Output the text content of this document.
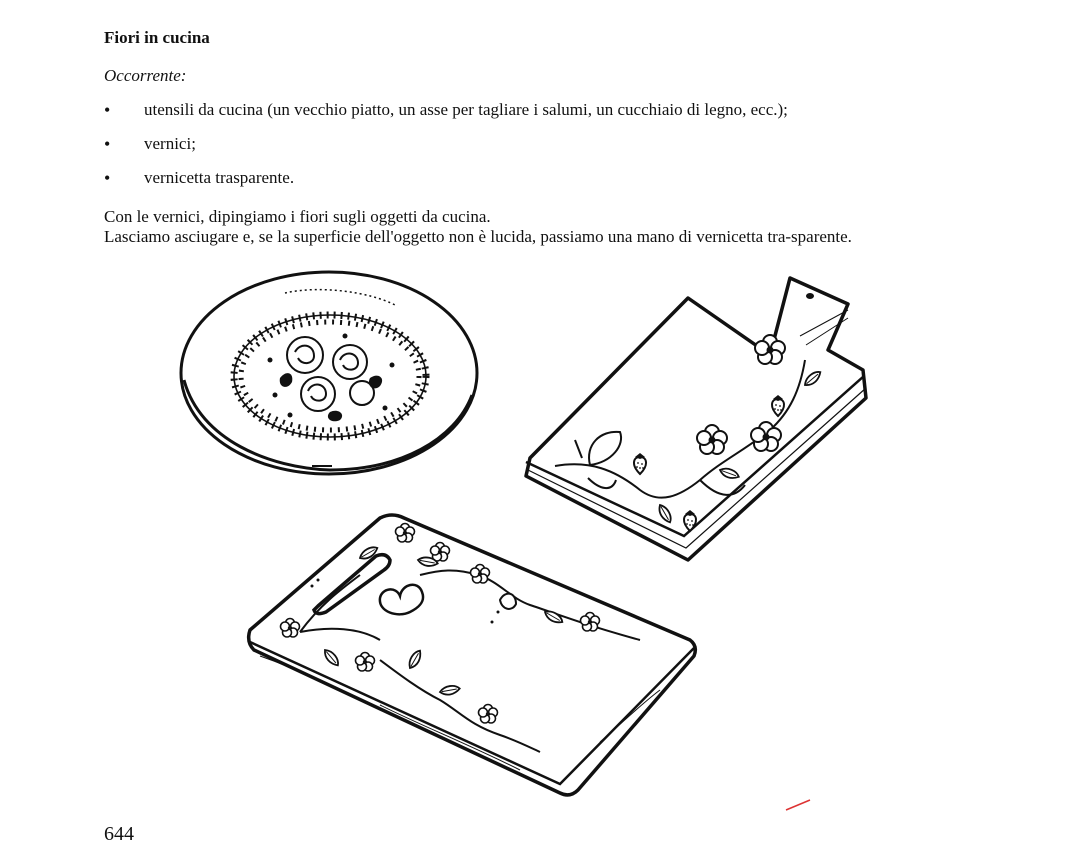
Fiori in cucina
Occorrente:
• utensili da cucina (un vecchio piatto, un asse per tagliare i salumi, un cucchiaio di legno, ecc.);
• vernici;
• vernicetta trasparente.

Con le vernici, dipingiamo i fiori sugli oggetti da cucina.

Lasciamo asciugare e, se la superficie dell'oggetto non è lucida, passiamo una mano di vernicetta tra-sparente.

644
